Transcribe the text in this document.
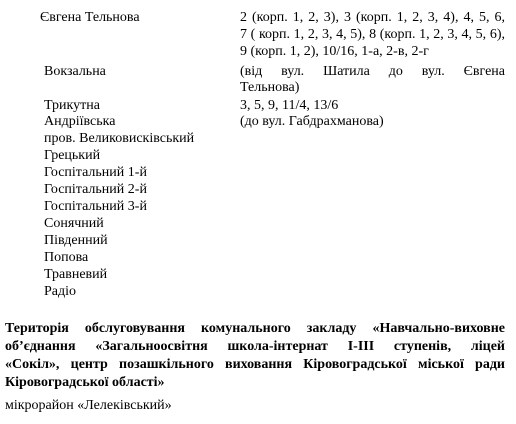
Євгена Тельнова
Вокзальна
Трикутна
Андріївська
пров. Великовисківський
Грецький
Госпітальний 1-й
Госпітальний 2-й
Госпітальний 3-й
Сонячний
Південний
Попова
Травневий
Радіо
2 (корп. 1, 2, 3), 3 (корп. 1, 2, 3, 4), 4, 5, 6,
7 ( корп. 1, 2, 3, 4, 5), 8 (корп. 1, 2, 3, 4, 5, 6),
9 (корп. 1, 2), 10/16, 1-а, 2-в, 2-г
(від вул. Шатила до вул. Євгена
Тельнова)
3, 5, 9, 11/4, 13/6
(до вул. Габдрахманова)
Територія обслуговування комунального закладу «Навчально-виховне
об’єднання «Загальноосвітня школа-інтернат І-ІІІ ступенів, ліцей
«Сокіл», центр позашкільного виховання Кіровоградської міської ради
Кіровоградської області»
мікрорайон «Лелеківський»
